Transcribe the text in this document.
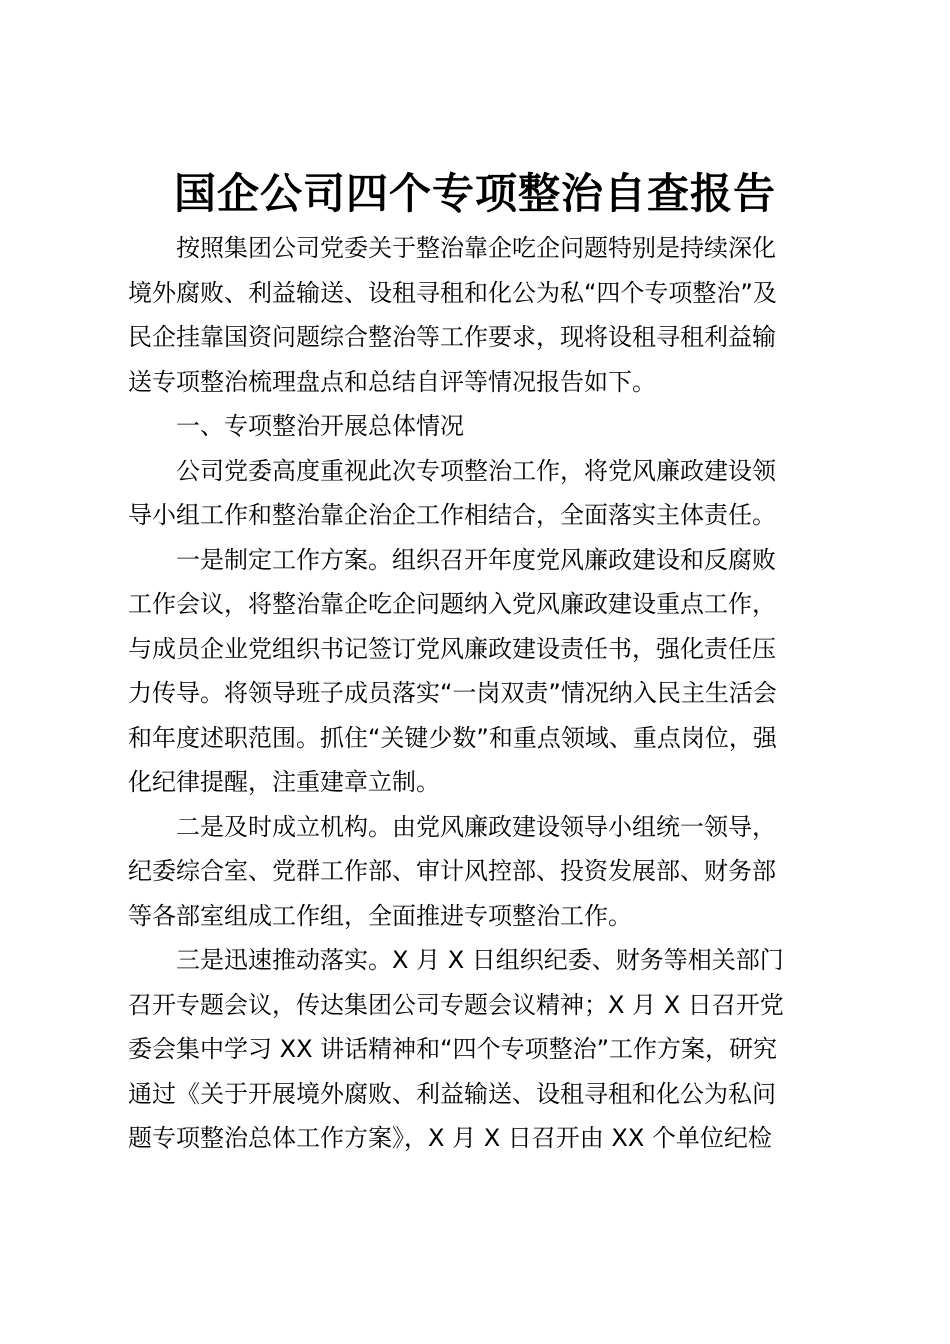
国企公司四个专项整治自查报告

按照集团公司党委关于整治靠企吃企问题特别是持续深化

境外腐败、利益输送、设租寻租和化公为私“四个专项整治”及

民企挂靠国资问题综合整治等工作要求，现将设租寻租利益输

送专项整治梳理盘点和总结自评等情况报告如下。

一、专项整治开展总体情况

公司党委高度重视此次专项整治工作，将党风廉政建设领

导小组工作和整治靠企治企工作相结合，全面落实主体责任。

一是制定工作方案。组织召开年度党风廉政建设和反腐败

工作会议，将整治靠企吃企问题纳入党风廉政建设重点工作，

与成员企业党组织书记签订党风廉政建设责任书，强化责任压

力传导。将领导班子成员落实“一岗双责”情况纳入民主生活会

和年度述职范围。抓住“关键少数”和重点领域、重点岗位，强

化纪律提醒，注重建章立制。

二是及时成立机构。由党风廉政建设领导小组统一领导，

纪委综合室、党群工作部、审计风控部、投资发展部、财务部

等各部室组成工作组，全面推进专项整治工作。

三是迅速推动落实。X 月 X 日组织纪委、财务等相关部门

召开专题会议，传达集团公司专题会议精神；X 月 X 日召开党

委会集中学习 XX 讲话精神和“四个专项整治”工作方案，研究

通过《关于开展境外腐败、利益输送、设租寻租和化公为私问

题专项整治总体工作方案》，X 月 X 日召开由 XX 个单位纪检
